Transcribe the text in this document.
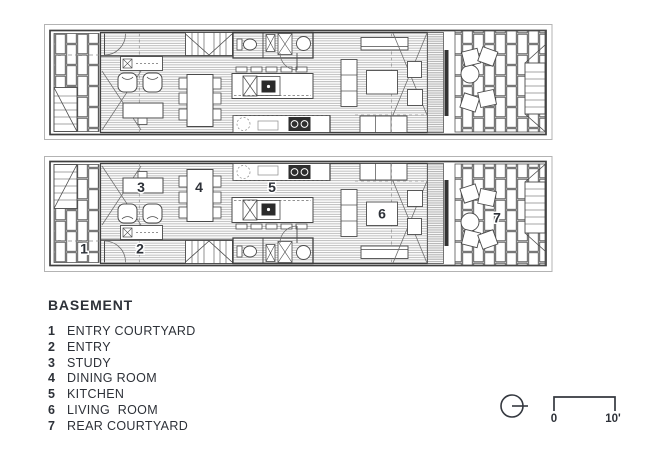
1	2
3	4	5
6	7
0	10'
BASEMENT
1 ENTRY COURTYARD
2 ENTRY
3 STUDY
4 DINING ROOM
5 KITCHEN
6 LIVING  ROOM
7 REAR COURTYARD
